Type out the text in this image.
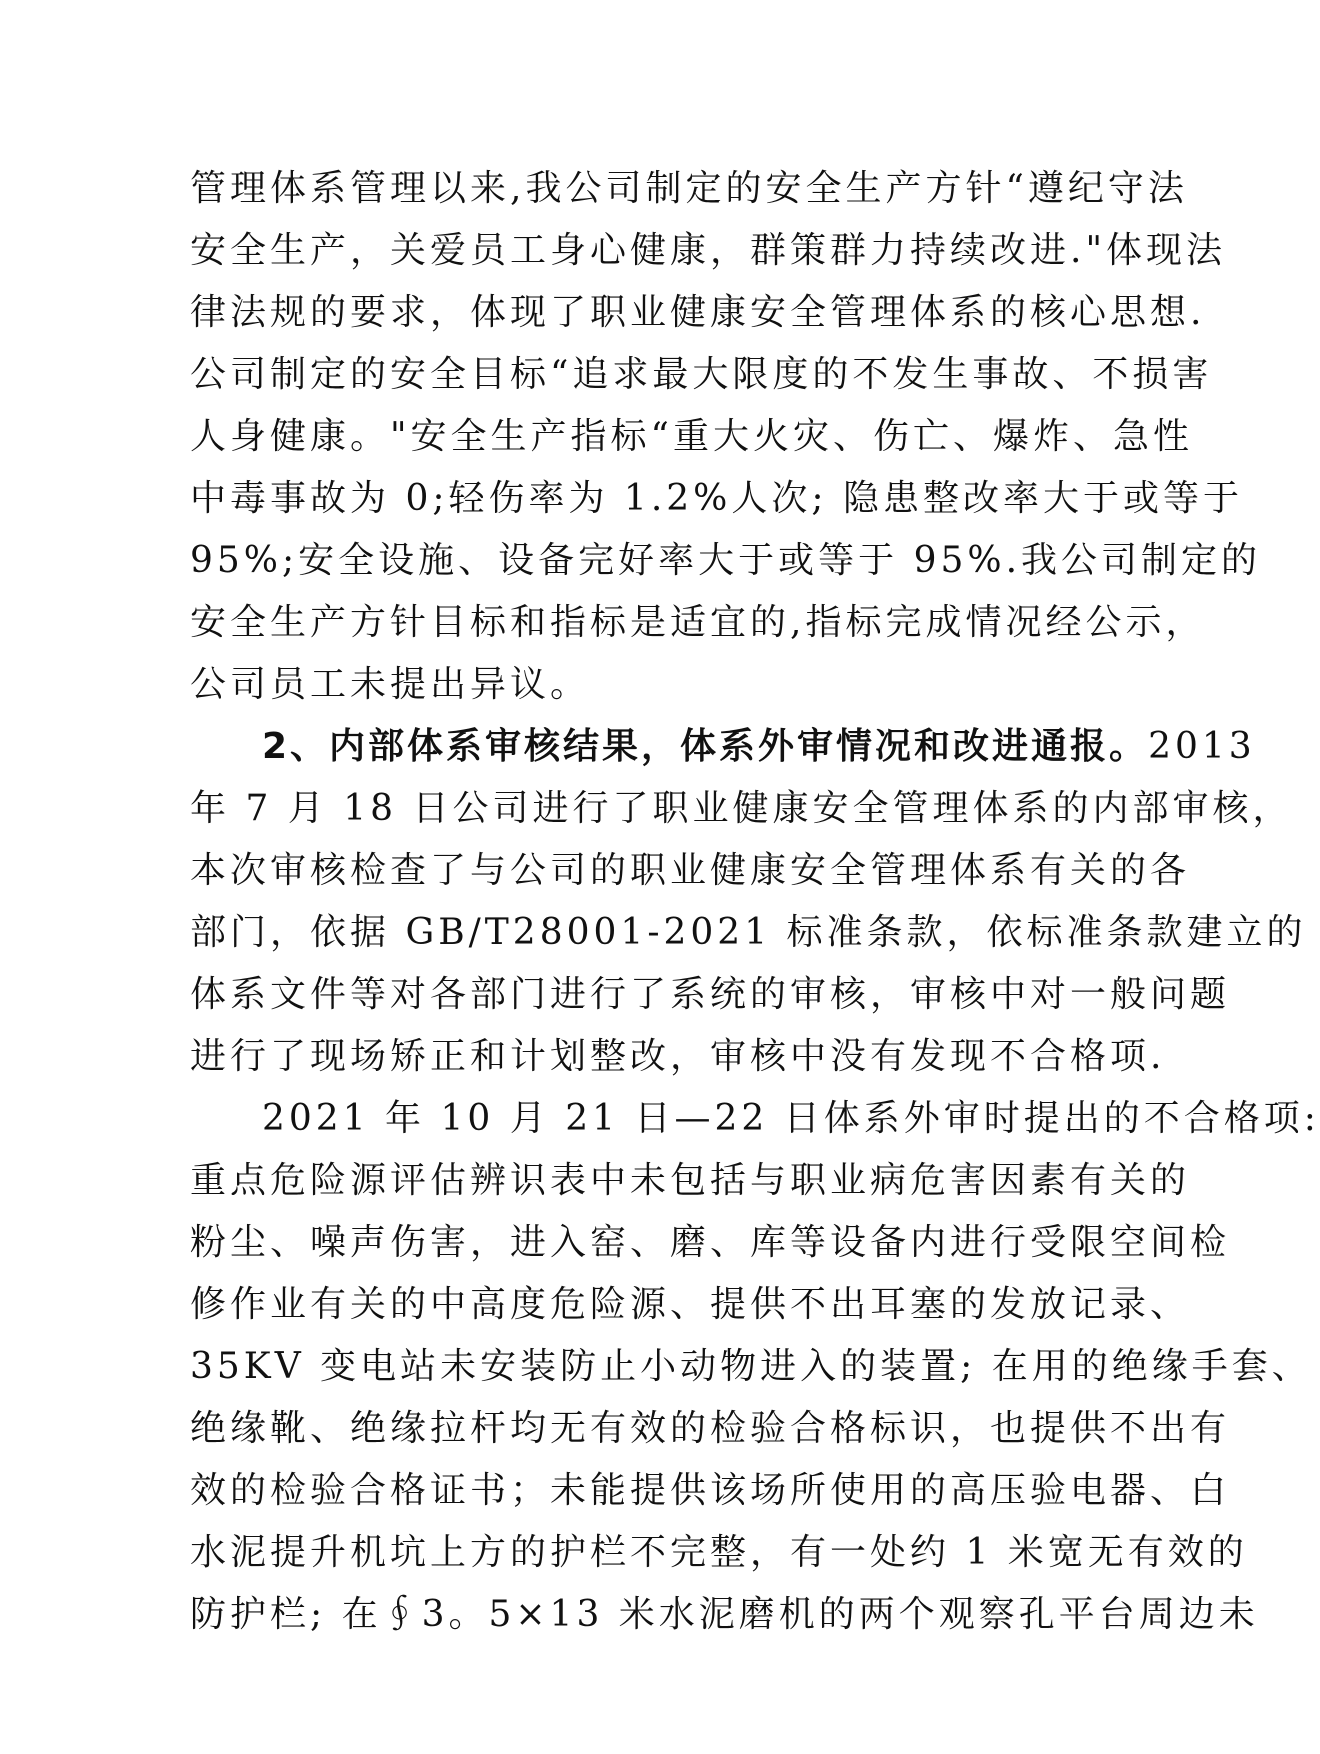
管理体系管理以来,我公司制定的安全生产方针“遵纪守法
安全生产，关爱员工身心健康，群策群力持续改进."体现法
律法规的要求，体现了职业健康安全管理体系的核心思想.
公司制定的安全目标“追求最大限度的不发生事故、不损害
人身健康。"安全生产指标“重大火灾、伤亡、爆炸、急性
中毒事故为 0;轻伤率为 1.2%人次; 隐患整改率大于或等于
95%;安全设施、设备完好率大于或等于 95%.我公司制定的
安全生产方针目标和指标是适宜的,指标完成情况经公示，
公司员工未提出异议。
2、内部体系审核结果，体系外审情况和改进通报。2013
年 7 月 18 日公司进行了职业健康安全管理体系的内部审核，
本次审核检查了与公司的职业健康安全管理体系有关的各
部门，依据 GB/T28001-2021 标准条款，依标准条款建立的
体系文件等对各部门进行了系统的审核，审核中对一般问题
进行了现场矫正和计划整改，审核中没有发现不合格项.
2021 年 10 月 21 日—22 日体系外审时提出的不合格项:
重点危险源评估辨识表中未包括与职业病危害因素有关的
粉尘、噪声伤害，进入窑、磨、库等设备内进行受限空间检
修作业有关的中高度危险源、提供不出耳塞的发放记录、
35KV 变电站未安装防止小动物进入的装置; 在用的绝缘手套、
绝缘靴、绝缘拉杆均无有效的检验合格标识，也提供不出有
效的检验合格证书；未能提供该场所使用的高压验电器、白
水泥提升机坑上方的护栏不完整，有一处约 1 米宽无有效的
防护栏; 在∮3。5×13 米水泥磨机的两个观察孔平台周边未
